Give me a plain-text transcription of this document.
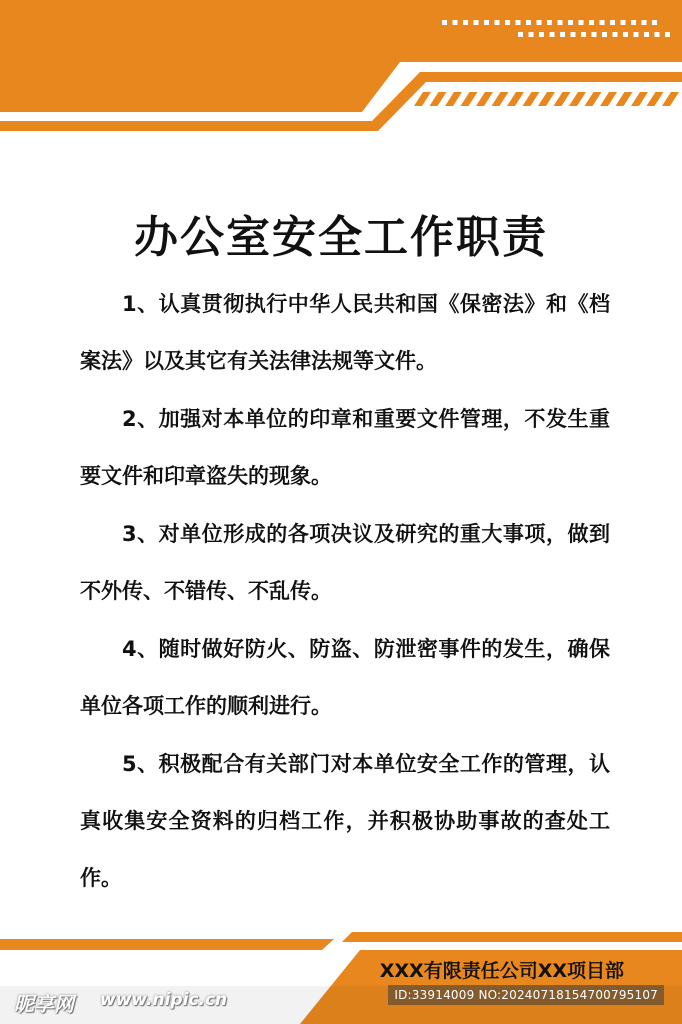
办公室安全工作职责

1、认真贯彻执行中华人民共和国《保密法》和《档案法》以及其它有关法律法规等文件。

2、加强对本单位的印章和重要文件管理，不发生重要文件和印章盗失的现象。

3、对单位形成的各项决议及研究的重大事项，做到不外传、不错传、不乱传。

4、随时做好防火、防盗、防泄密事件的发生，确保单位各项工作的顺利进行。

5、积极配合有关部门对本单位安全工作的管理，认真收集安全资料的归档工作，并积极协助事故的查处工作。

XXX有限责任公司XX项目部
昵享网 www.nipic.cn	ID:33914009 NO:20240718154700795107
